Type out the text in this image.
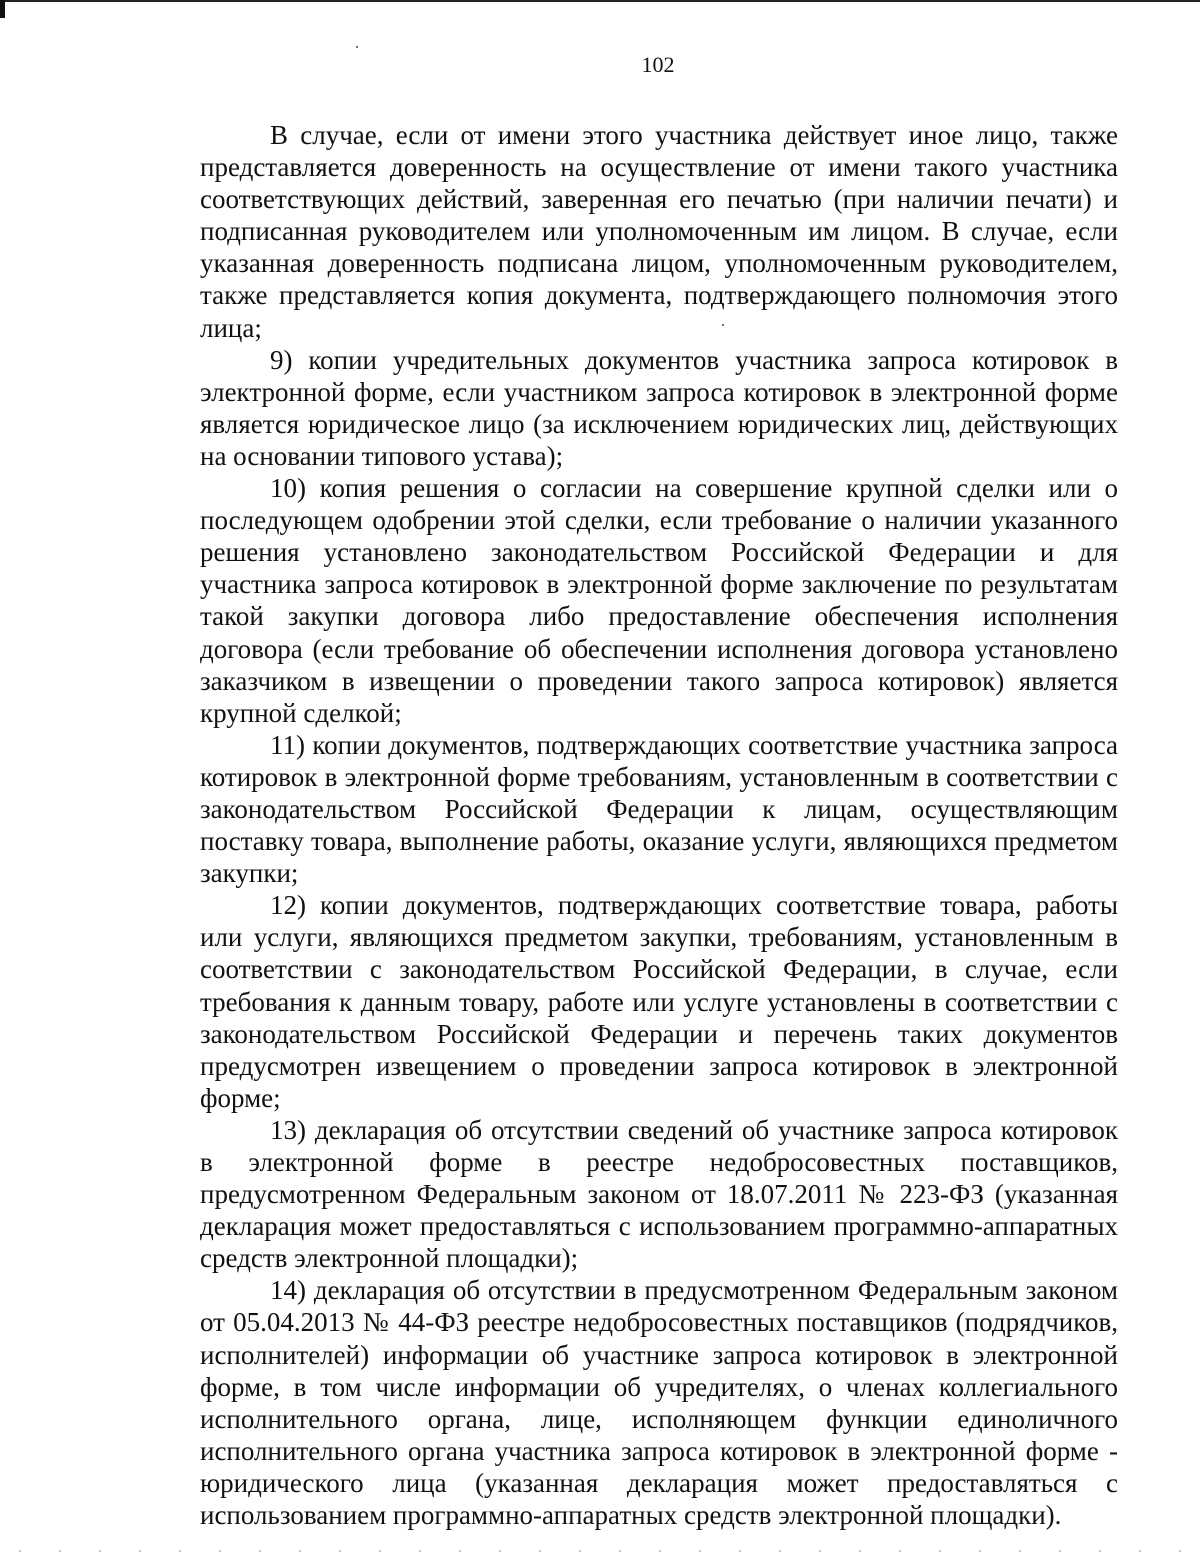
102

В случае, если от имени этого участника действует иное лицо, также представляется доверенность на осуществление от имени такого участника соответствующих действий, заверенная его печатью (при наличии печати) и подписанная руководителем или уполномоченным им лицом. В случае, если указанная доверенность подписана лицом, уполномоченным руководителем, также представляется копия документа, подтверждающего полномочия этого лица;

9) копии учредительных документов участника запроса котировок в электронной форме, если участником запроса котировок в электронной форме является юридическое лицо (за исключением юридических лиц, действующих на основании типового устава);

10) копия решения о согласии на совершение крупной сделки или о последующем одобрении этой сделки, если требование о наличии указанного решения установлено законодательством Российской Федерации и для участника запроса котировок в электронной форме заключение по результатам такой закупки договора либо предоставление обеспечения исполнения договора (если требование об обеспечении исполнения договора установлено заказчиком в извещении о проведении такого запроса котировок) является крупной сделкой;

11) копии документов, подтверждающих соответствие участника запроса котировок в электронной форме требованиям, установленным в соответствии с законодательством Российской Федерации к лицам, осуществляющим поставку товара, выполнение работы, оказание услуги, являющихся предметом закупки;

12) копии документов, подтверждающих соответствие товара, работы или услуги, являющихся предметом закупки, требованиям, установленным в соответствии с законодательством Российской Федерации, в случае, если требования к данным товару, работе или услуге установлены в соответствии с законодательством Российской Федерации и перечень таких документов предусмотрен извещением о проведении запроса котировок в электронной форме;

13) декларация об отсутствии сведений об участнике запроса котировок в электронной форме в реестре недобросовестных поставщиков, предусмотренном Федеральным законом от 18.07.2011 № 223-ФЗ (указанная декларация может предоставляться с использованием программно-аппаратных средств электронной площадки);

14) декларация об отсутствии в предусмотренном Федеральным законом от 05.04.2013 № 44-ФЗ реестре недобросовестных поставщиков (подрядчиков, исполнителей) информации об участнике запроса котировок в электронной форме, в том числе информации об учредителях, о членах коллегиального исполнительного органа, лице, исполняющем функции единоличного исполнительного органа участника запроса котировок в электронной форме - юридического лица (указанная декларация может предоставляться с использованием программно-аппаратных средств электронной площадки).
